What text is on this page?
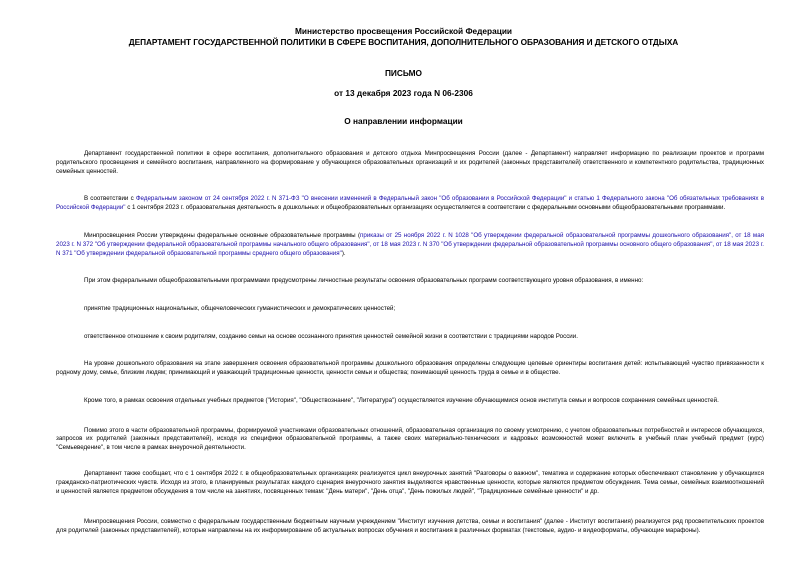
Министерство просвещения Российской Федерации
ДЕПАРТАМЕНТ ГОСУДАРСТВЕННОЙ ПОЛИТИКИ В СФЕРЕ ВОСПИТАНИЯ, ДОПОЛНИТЕЛЬНОГО ОБРАЗОВАНИЯ И ДЕТСКОГО ОТДЫХА
ПИСЬМО
от 13 декабря 2023 года N 06-2306
О направлении информации

Департамент государственной политики в сфере воспитания, дополнительного образования и детского отдыха Минпросвещения России (далее - Департамент) направляет информацию по реализации проектов и программ родительского просвещения и семейного воспитания, направленного на формирование у обучающихся образовательных организаций и их родителей (законных представителей) ответственного и компетентного родительства, традиционных семейных ценностей.

В соответствии с Федеральным законом от 24 сентября 2022 г. N 371-ФЗ "О внесении изменений в Федеральный закон "Об образовании в Российской Федерации" и статью 1 Федерального закона "Об обязательных требованиях в Российской Федерации" с 1 сентября 2023 г. образовательная деятельность в дошкольных и общеобразовательных организациях осуществляется в соответствии с федеральными основными общеобразовательными программами.

Минпросвещения России утверждены федеральные основные образовательные программы (приказы от 25 ноября 2022 г. N 1028 "Об утверждении федеральной образовательной программы дошкольного образования", от 18 мая 2023 г. N 372 "Об утверждении федеральной образовательной программы начального общего образования", от 18 мая 2023 г. N 370 "Об утверждении федеральной образовательной программы основного общего образования", от 18 мая 2023 г. N 371 "Об утверждении федеральной образовательной программы среднего общего образования").

При этом федеральными общеобразовательными программами предусмотрены личностные результаты освоения образовательных программ соответствующего уровня образования, в именно:

принятие традиционных национальных, общечеловеческих гуманистических и демократических ценностей;

ответственное отношение к своим родителям, созданию семьи на основе осознанного принятия ценностей семейной жизни в соответствии с традициями народов России.

На уровне дошкольного образования на этапе завершения освоения образовательной программы дошкольного образования определены следующие целевые ориентиры воспитания детей: испытывающий чувство привязанности к родному дому, семье, близким людям; принимающий и уважающий традиционные ценности, ценности семьи и общества; понимающий ценность труда в семье и в обществе.

Кроме того, в рамках освоения отдельных учебных предметов ("История", "Обществознание", "Литература") осуществляется изучение обучающимися основ института семьи и вопросов сохранения семейных ценностей.

Помимо этого в части образовательной программы, формируемой участниками образовательных отношений, образовательная организация по своему усмотрению, с учетом образовательных потребностей и интересов обучающихся, запросов их родителей (законных представителей), исходя из специфики образовательной программы, а также своих материально-технических и кадровых возможностей может включить в учебный план учебный предмет (курс) "Семьеведение", в том числе в рамках внеурочной деятельности.

Департамент также сообщает, что с 1 сентября 2022 г. в общеобразовательных организациях реализуется цикл внеурочных занятий "Разговоры о важном", тематика и содержание которых обеспечивают становление у обучающихся гражданско-патриотических чувств. Исходя из этого, в планируемых результатах каждого сценария внеурочного занятия выделяются нравственные ценности, которые являются предметом обсуждения. Тема семьи, семейных взаимоотношений и ценностей является предметом обсуждения в том числе на занятиях, посвященных темам: "День матери", "День отца", "День пожилых людей", "Традиционные семейные ценности" и др.

Минпросвещения России, совместно с федеральным государственным бюджетным научным учреждением "Институт изучения детства, семьи и воспитания" (далее - Институт воспитания) реализуется ряд просветительских проектов для родителей (законных представителей), которые направлены на их информирование об актуальных вопросах обучения и воспитания в различных форматах (текстовые, аудио- и видеоформаты, обучающие марафоны).
